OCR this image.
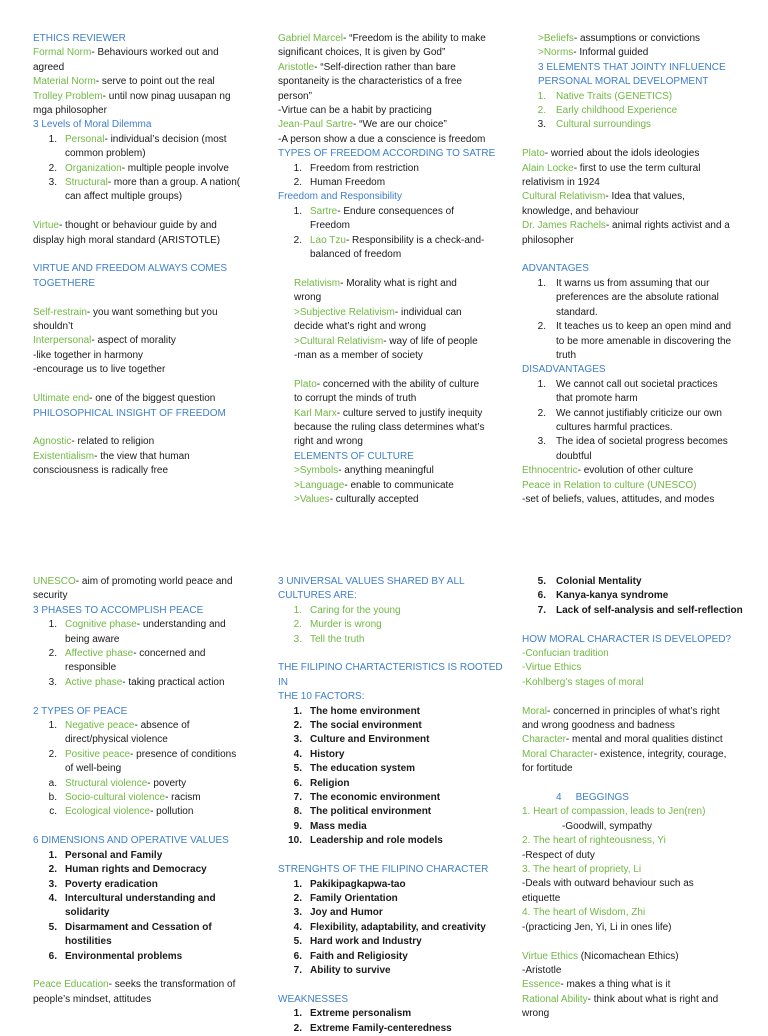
ETHICS REVIEWER
Formal Norm- Behaviours worked out and
agreed
Material Norm- serve to point out the real
Trolley Problem- until now pinag uusapan ng
mga philosopher
3 Levels of Moral Dilemma
1. Personal- individual’s decision (most
common problem)
2. Organization- multiple people involve
3. Structural- more than a group. A nation(
can affect multiple groups)
Virtue- thought or behaviour guide by and
display high moral standard (ARISTOTLE)
VIRTUE AND FREEDOM ALWAYS COMES
TOGETHERE
Self-restrain- you want something but you
shouldn’t
Interpersonal- aspect of morality
-like together in harmony
-encourage us to live together
Ultimate end- one of the biggest question
PHILOSOPHICAL INSIGHT OF FREEDOM
Agnostic- related to religion
Existentialism- the view that human
consciousness is radically free
Gabriel Marcel- “Freedom is the ability to make
significant choices, It is given by God”
Aristotle- “Self-direction rather than bare
spontaneity is the characteristics of a free
person”
-Virtue can be a habit by practicing
Jean-Paul Sartre- “We are our choice”
-A person show a due a conscience is freedom
TYPES OF FREEDOM ACCORDING TO SATRE
1. Freedom from restriction
2. Human Freedom
Freedom and Responsibility
1. Sartre- Endure consequences of
Freedom
2. Lao Tzu- Responsibility is a check-and-
balanced of freedom
Relativism- Morality what is right and
wrong
>Subjective Relativism- individual can
decide what’s right and wrong
>Cultural Relativism- way of life of people
-man as a member of society
Plato- concerned with the ability of culture
to corrupt the minds of truth
Karl Marx- culture served to justify inequity
because the ruling class determines what’s
right and wrong
ELEMENTS OF CULTURE
>Symbols- anything meaningful
>Language- enable to communicate
>Values- culturally accepted
>Beliefs- assumptions or convictions
>Norms- Informal guided
3 ELEMENTS THAT JOINTY INFLUENCE
PERSONAL MORAL DEVELOPMENT
1. Native Traits (GENETICS)
2. Early childhood Experience
3. Cultural surroundings
Plato- worried about the idols ideologies
Alain Locke- first to use the term cultural
relativism in 1924
Cultural Relativism- Idea that values,
knowledge, and behaviour
Dr. James Rachels- animal rights activist and a
philosopher
ADVANTAGES
1. It warns us from assuming that our
preferences are the absolute rational
standard.
2. It teaches us to keep an open mind and
to be more amenable in discovering the
truth
DISADVANTAGES
1. We cannot call out societal practices
that promote harm
2. We cannot justifiably criticize our own
cultures harmful practices.
3. The idea of societal progress becomes
doubtful
Ethnocentric- evolution of other culture
Peace in Relation to culture (UNESCO)
-set of beliefs, values, attitudes, and modes
UNESCO- aim of promoting world peace and
security
3 PHASES TO ACCOMPLISH PEACE
1. Cognitive phase- understanding and
being aware
2. Affective phase- concerned and
responsible
3. Active phase- taking practical action
2 TYPES OF PEACE
1. Negative peace- absence of
direct/physical violence
2. Positive peace- presence of conditions
of well-being
a. Structural violence- poverty
b. Socio-cultural violence- racism
c. Ecological violence- pollution
6 DIMENSIONS AND OPERATIVE VALUES
1. Personal and Family
2. Human rights and Democracy
3. Poverty eradication
4. Intercultural understanding and
solidarity
5. Disarmament and Cessation of
hostilities
6. Environmental problems
Peace Education- seeks the transformation of
people’s mindset, attitudes
3 UNIVERSAL VALUES SHARED BY ALL
CULTURES ARE:
1. Caring for the young
2. Murder is wrong
3. Tell the truth
THE FILIPINO CHARTACTERISTICS IS ROOTED IN
THE 10 FACTORS:
1. The home environment
2. The social environment
3. Culture and Environment
4. History
5. The education system
6. Religion
7. The economic environment
8. The political environment
9. Mass media
10. Leadership and role models
STRENGHTS OF THE FILIPINO CHARACTER
1. Pakikipagkapwa-tao
2. Family Orientation
3. Joy and Humor
4. Flexibility, adaptability, and creativity
5. Hard work and Industry
6. Faith and Religiosity
7. Ability to survive
WEAKNESSES
1. Extreme personalism
2. Extreme Family-centeredness
5. Colonial Mentality
6. Kanya-kanya syndrome
7. Lack of self-analysis and self-reflection
HOW MORAL CHARACTER IS DEVELOPED?
-Confucian tradition
-Virtue Ethics
-Kohlberg’s stages of moral
Moral- concerned in principles of what’s right
and wrong goodness and badness
Character- mental and moral qualities distinct
Moral Character- existence, integrity, courage,
for fortitude
4 BEGGINGS
1. Heart of compassion, leads to Jen(ren)
-Goodwill, sympathy
2. The heart of righteousness, Yi
-Respect of duty
3. The heart of propriety, Li
-Deals with outward behaviour such as
etiquette
4. The heart of Wisdom, Zhi
-(practicing Jen, Yi, Li in ones life)
Virtue Ethics (Nicomachean Ethics)
-Aristotle
Essence- makes a thing what is it
Rational Ability- think about what is right and
wrong
